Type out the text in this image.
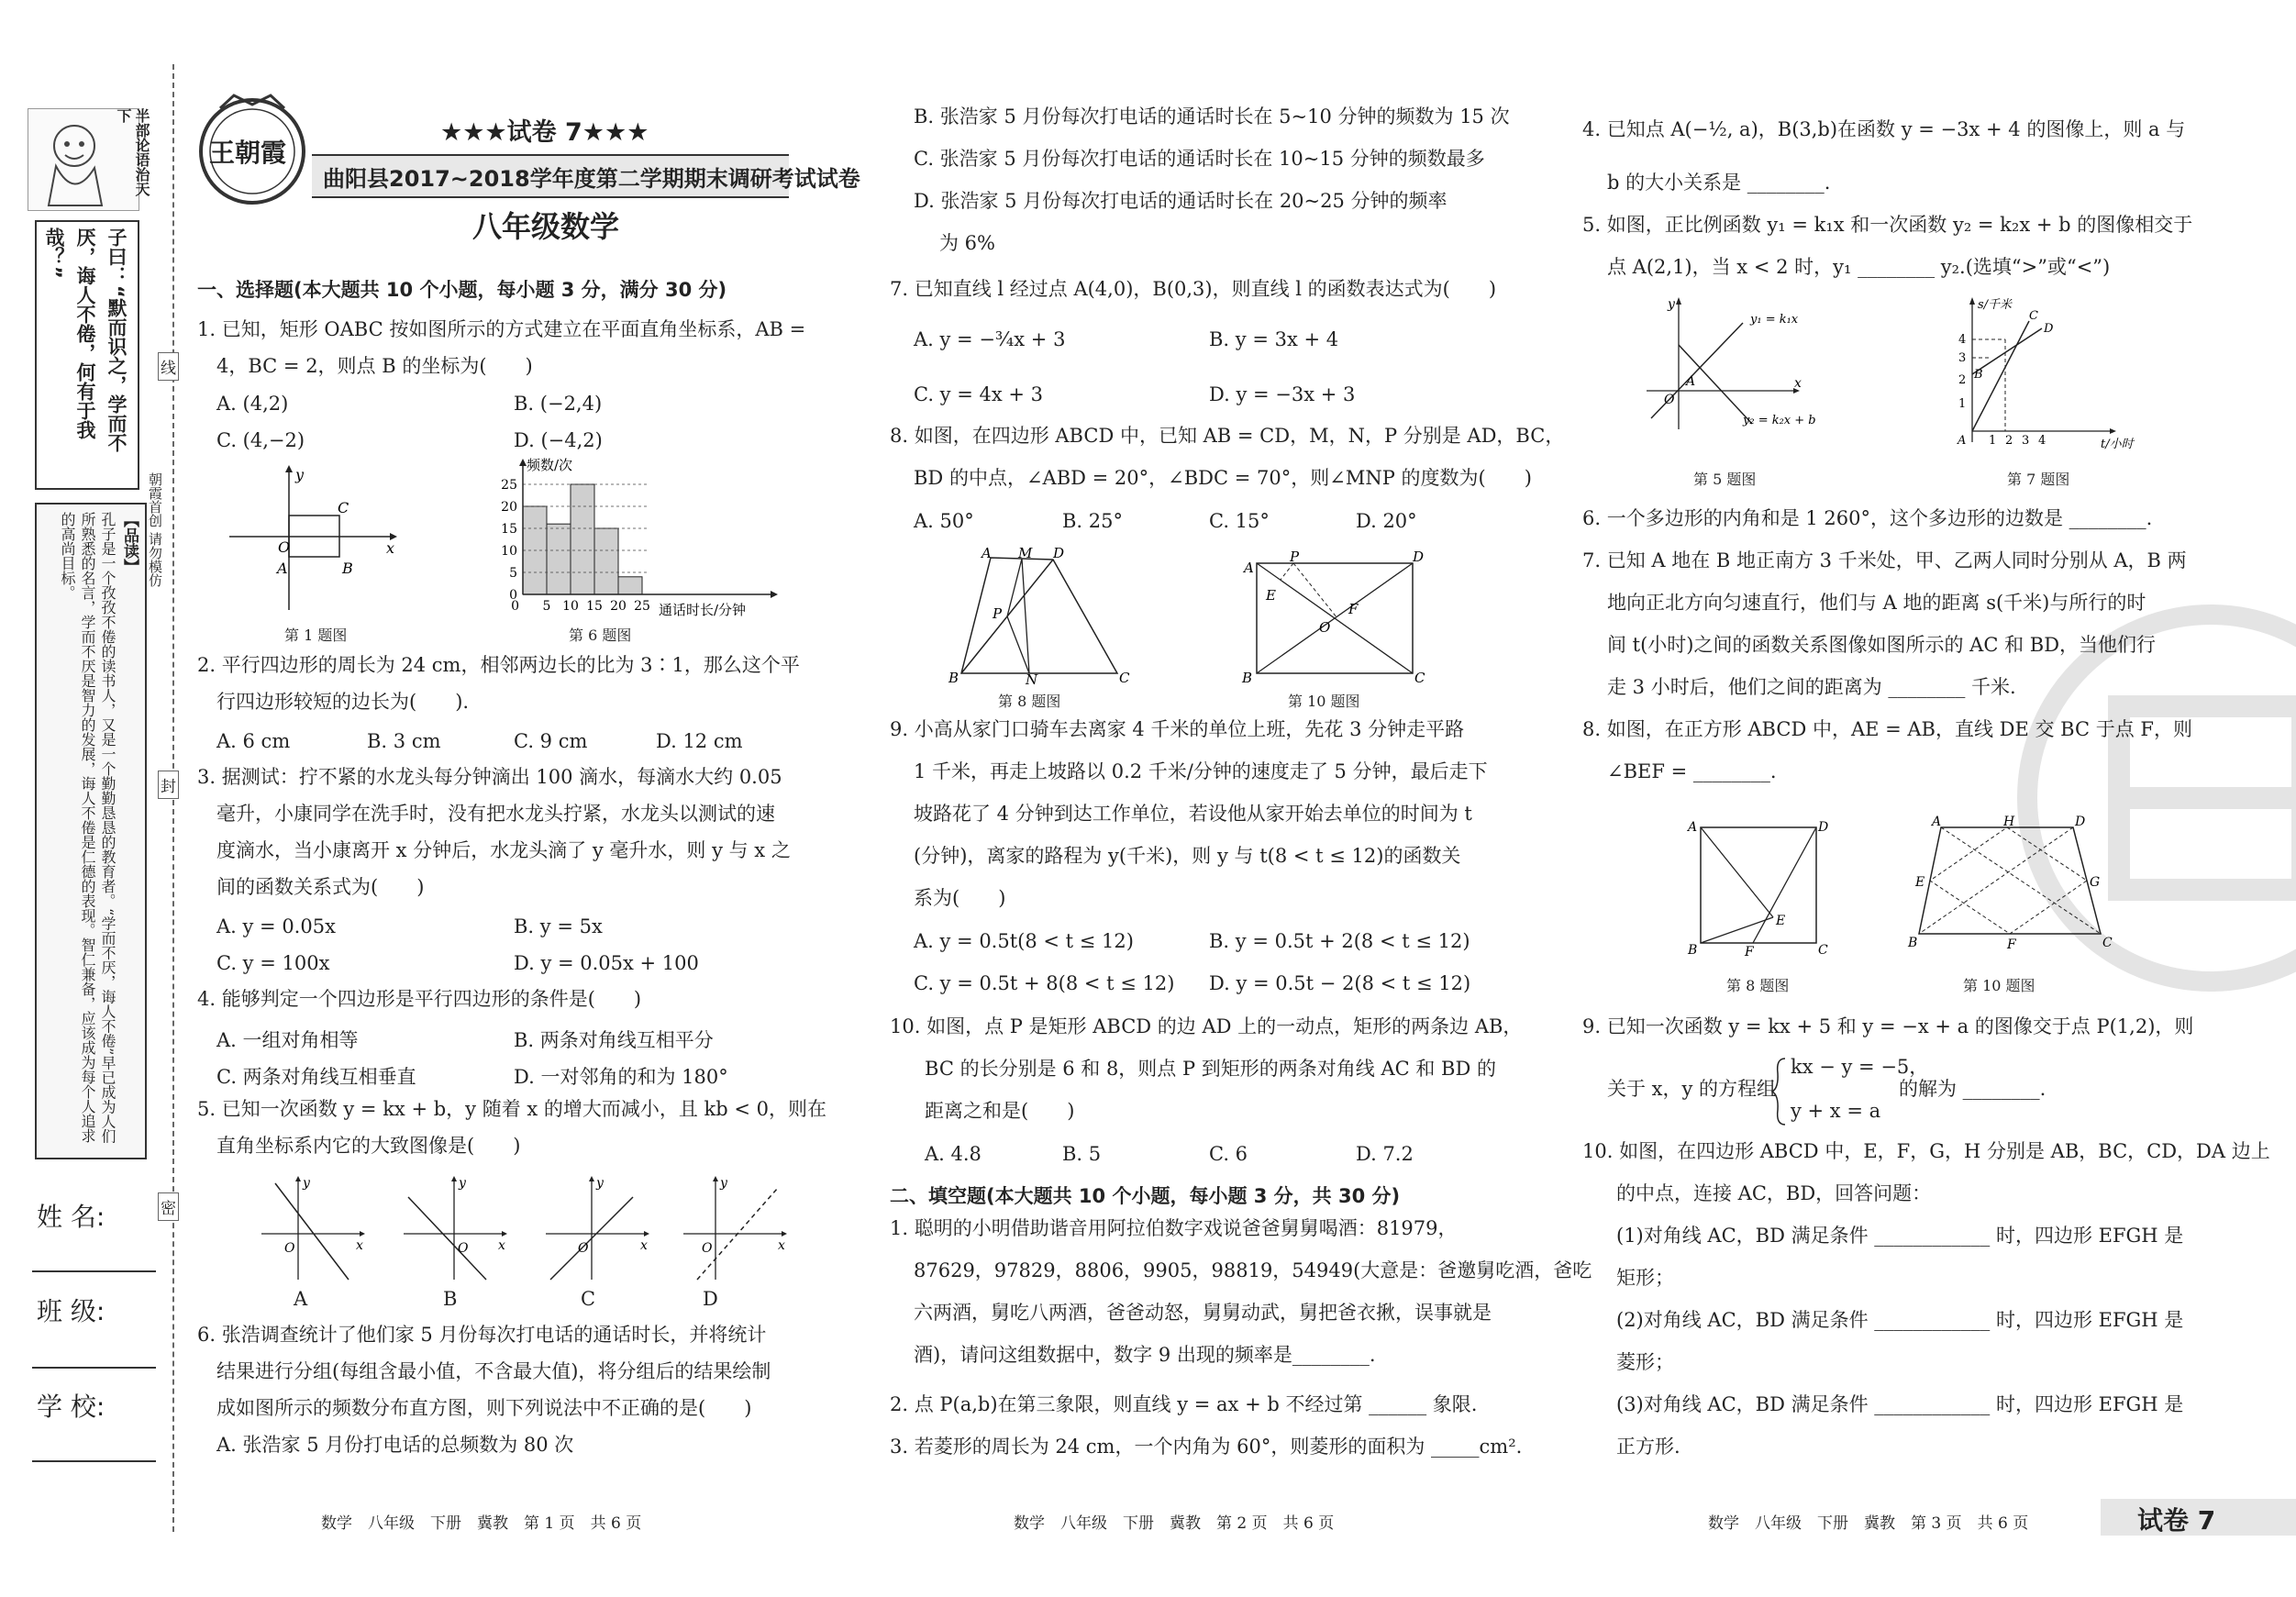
半部论语治天下
子曰：“默而识之，学而不厌，诲人不倦，何有于我哉？”
【品读】
孔子是一个孜孜不倦的读书人，又是一个勤勤恳恳的教育者。“学而不厌，诲人不倦”早已成为人们所熟悉的名言，学而不厌是智力的发展，诲人不倦是仁德的表现。智仁兼备，应该成为每个人追求的高尚目标。
姓 名:
班 级:
学 校:
线
封
密
朝霞首创 请勿模仿
王朝霞
★★★试卷 7★★★
曲阳县2017~2018学年度第二学期期末调研考试试卷
八年级数学
一、选择题(本大题共 10 个小题，每小题 3 分，满分 30 分)
1. 已知，矩形 OABC 按如图所示的方式建立在平面直角坐标系，AB =
4，BC = 2，则点 B 的坐标为(　　)
A. (4,2)	B. (−2,4)
C. (4,−2)	D. (−4,2)
O
A
C
B
x
y
第 1 题图
频数/次
通话时长/分钟
0
5
10
15
20
25
5 10 15 20 25
0
第 6 题图
2. 平行四边形的周长为 24 cm，相邻两边长的比为 3∶1，那么这个平
行四边形较短的边长为(　　).
A. 6 cm	B. 3 cm	C. 9 cm	D. 12 cm
3. 据测试：拧不紧的水龙头每分钟滴出 100 滴水，每滴水大约 0.05
毫升，小康同学在洗手时，没有把水龙头拧紧，水龙头以测试的速
度滴水，当小康离开 x 分钟后，水龙头滴了 y 毫升水，则 y 与 x 之
间的函数关系式为(　　)
A. y = 0.05x	B. y = 5x
C. y = 100x	D. y = 0.05x + 100
4. 能够判定一个四边形是平行四边形的条件是(　　)
A. 一组对角相等	B. 两条对角线互相平分
C. 两条对角线互相垂直	D. 一对邻角的和为 180°
5. 已知一次函数 y = kx + b，y 随着 x 的增大而减小，且 kb < 0，则在
直角坐标系内它的大致图像是(　　)
O	x
y
O x
y
O	x
y
O	x
y
A	B	C	D
6. 张浩调查统计了他们家 5 月份每次打电话的通话时长，并将统计
结果进行分组(每组含最小值，不含最大值)，将分组后的结果绘制
成如图所示的频数分布直方图，则下列说法中不正确的是(　　)
A. 张浩家 5 月份打电话的总频数为 80 次
数学　八年级　下册　冀教　第 1 页　共 6 页
B. 张浩家 5 月份每次打电话的通话时长在 5~10 分钟的频数为 15 次
C. 张浩家 5 月份每次打电话的通话时长在 10~15 分钟的频数最多
D. 张浩家 5 月份每次打电话的通话时长在 20~25 分钟的频率
为 6%
7. 已知直线 l 经过点 A(4,0)，B(0,3)，则直线 l 的函数表达式为(　　)
A. y = −¾x + 3	B. y = 3x + 4
C. y = 4x + 3	D. y = −3x + 3
8. 如图，在四边形 ABCD 中，已知 AB = CD，M，N，P 分别是 AD，BC，
BD 的中点，∠ABD = 20°，∠BDC = 70°，则∠MNP 的度数为(　　)
A. 50°	B. 25°	C. 15°	D. 20°
A M D
P
B	N	C
第 8 题图
A
P	D
E
O
F
B	C
第 10 题图
9. 小高从家门口骑车去离家 4 千米的单位上班，先花 3 分钟走平路
1 千米，再走上坡路以 0.2 千米/分钟的速度走了 5 分钟，最后走下
坡路花了 4 分钟到达工作单位，若设他从家开始去单位的时间为 t
(分钟)，离家的路程为 y(千米)，则 y 与 t(8 < t ≤ 12)的函数关
系为(　　)
A. y = 0.5t(8 < t ≤ 12)	B. y = 0.5t + 2(8 < t ≤ 12)
C. y = 0.5t + 8(8 < t ≤ 12) D. y = 0.5t − 2(8 < t ≤ 12)
10. 如图，点 P 是矩形 ABCD 的边 AD 上的一动点，矩形的两条边 AB，
BC 的长分别是 6 和 8，则点 P 到矩形的两条对角线 AC 和 BD 的
距离之和是(　　)
A. 4.8	B. 5	C. 6	D. 7.2
二、填空题(本大题共 10 个小题，每小题 3 分，共 30 分)
1. 聪明的小明借助谐音用阿拉伯数字戏说爸爸舅舅喝酒：81979，
87629，97829，8806，9905，98819，54949(大意是：爸邀舅吃酒，爸吃
六两酒，舅吃八两酒，爸爸动怒，舅舅动武，舅把爸衣揪，误事就是
酒)，请问这组数据中，数字 9 出现的频率是________.
2. 点 P(a,b)在第三象限，则直线 y = ax + b 不经过第 ______ 象限.
3. 若菱形的周长为 24 cm，一个内角为 60°，则菱形的面积为 _____cm².
数学　八年级　下册　冀教　第 2 页　共 6 页
4. 已知点 A(−½, a)，B(3,b)在函数 y = −3x + 4 的图像上，则 a 与
b 的大小关系是 ________.
5. 如图，正比例函数 y₁ = k₁x 和一次函数 y₂ = k₂x + b 的图像相交于
点 A(2,1)，当 x < 2 时，y₁ ________ y₂.(选填“>”或“<”)
A
O
x
y
y₁ = k₁x
y₂ = k₂x + b
第 5 题图
4
3
2
1
1 2 3 4
A
B
C
D
s/千米
t/小时
第 7 题图
6. 一个多边形的内角和是 1 260°，这个多边形的边数是 ________.
7. 已知 A 地在 B 地正南方 3 千米处，甲、乙两人同时分别从 A，B 两
地向正北方向匀速直行，他们与 A 地的距离 s(千米)与所行的时
间 t(小时)之间的函数关系图像如图所示的 AC 和 BD，当他们行
走 3 小时后，他们之间的距离为 ________ 千米.
8. 如图，在正方形 ABCD 中，AE = AB，直线 DE 交 BC 于点 F，则
∠BEF = ________.
A	D
E
F
B	C
第 8 题图
A	H	D
E	G
B	F	C
第 10 题图
9. 已知一次函数 y = kx + 5 和 y = −x + a 的图像交于点 P(1,2)，则
关于 x，y 的方程组
kx − y = −5，
y + x = a
的解为 ________.
10. 如图，在四边形 ABCD 中，E，F，G，H 分别是 AB，BC，CD，DA 边上
的中点，连接 AC，BD，回答问题：
(1)对角线 AC，BD 满足条件 ____________ 时，四边形 EFGH 是
矩形；
(2)对角线 AC，BD 满足条件 ____________ 时，四边形 EFGH 是
菱形；
(3)对角线 AC，BD 满足条件 ____________ 时，四边形 EFGH 是
正方形.
数学　八年级　下册　冀教　第 3 页　共 6 页	试卷 7
